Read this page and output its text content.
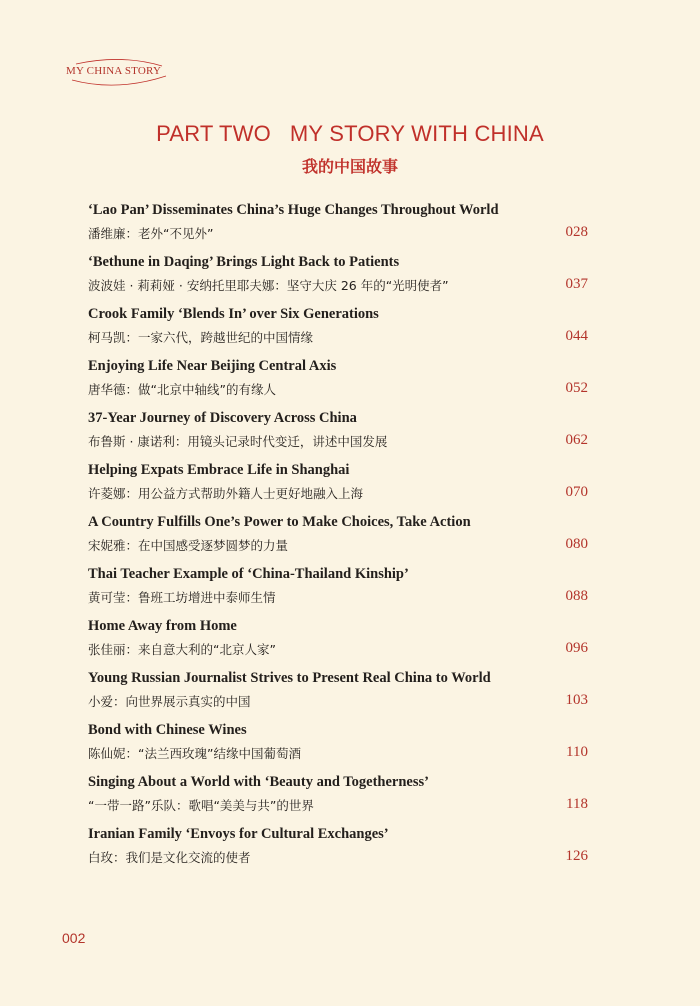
MY CHINA STORY
PART TWO   MY STORY WITH CHINA
我的中国故事
‘Lao Pan’ Disseminates China’s Huge Changes Throughout World
潘维廉：老外“不见外”	028
‘Bethune in Daqing’ Brings Light Back to Patients
波波娃 · 莉莉娅 · 安纳托里耶夫娜：坚守大庆 26 年的“光明使者”	037
Crook Family ‘Blends In’ over Six Generations
柯马凯：一家六代，跨越世纪的中国情缘	044
Enjoying Life Near Beijing Central Axis
唐华德：做“北京中轴线”的有缘人	052
37-Year Journey of Discovery Across China
布鲁斯 · 康诺利：用镜头记录时代变迁，讲述中国发展	062
Helping Expats Embrace Life in Shanghai
许菱娜：用公益方式帮助外籍人士更好地融入上海	070
A Country Fulfills One’s Power to Make Choices, Take Action
宋妮雅：在中国感受逐梦圆梦的力量	080
Thai Teacher Example of ‘China-Thailand Kinship’
黄可莹：鲁班工坊增进中泰师生情	088
Home Away from Home
张佳丽：来自意大利的“北京人家”	096
Young Russian Journalist Strives to Present Real China to World
小爱：向世界展示真实的中国	103
Bond with Chinese Wines
陈仙妮：“法兰西玫瑰”结缘中国葡萄酒	110
Singing About a World with ‘Beauty and Togetherness’
“一带一路”乐队：歌唱“美美与共”的世界	118
Iranian Family ‘Envoys for Cultural Exchanges’
白玫：我们是文化交流的使者	126
002
